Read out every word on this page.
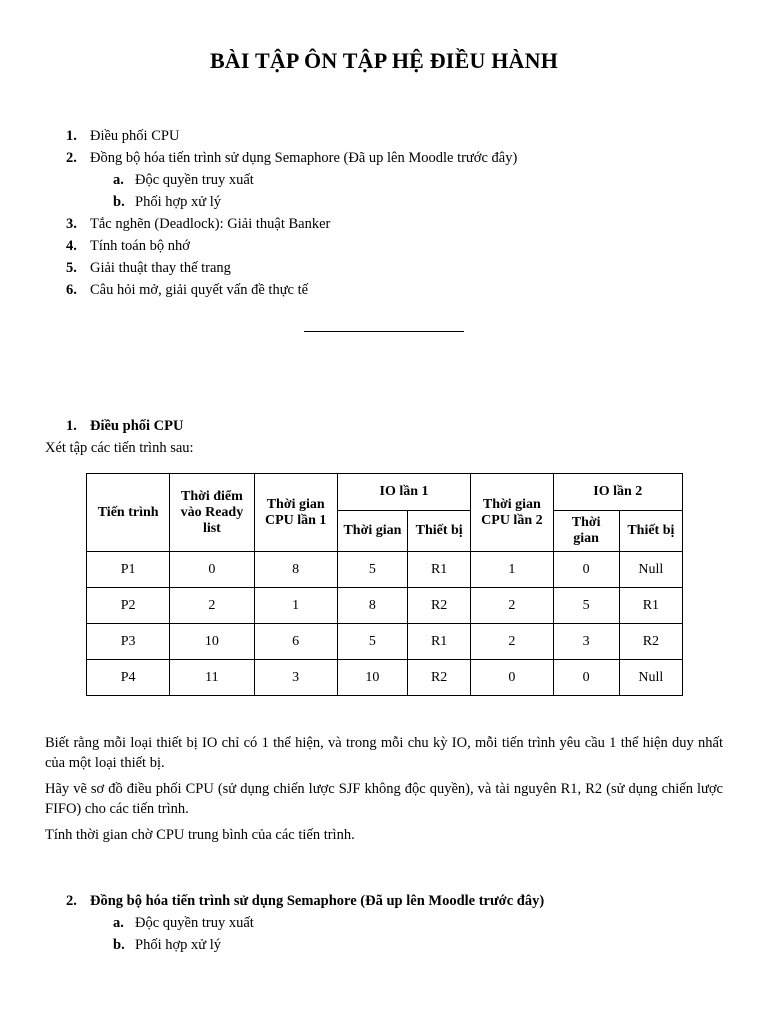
BÀI TẬP ÔN TẬP HỆ ĐIỀU HÀNH
1. Điều phối CPU
2. Đồng bộ hóa tiến trình sử dụng Semaphore (Đã up lên Moodle trước đây)
a. Độc quyền truy xuất
b. Phối hợp xử lý
3. Tắc nghẽn (Deadlock): Giải thuật Banker
4. Tính toán bộ nhớ
5. Giải thuật thay thế trang
6. Câu hỏi mở, giải quyết vấn đề thực tế
1. Điều phối CPU
Xét tập các tiến trình sau:
Tiến trình	Thời điểm vào Ready list	Thời gian CPU lần 1	IO lần 1		Thời gian CPU lần 2	IO lần 2	
			Thời gian	Thiết bị		Thời gian	Thiết bị
P1	0	8	5	R1	1	0	Null
P2	2	1	8	R2	2	5	R1
P3	10	6	5	R1	2	3	R2
P4	11	3	10	R2	0	0	Null
Biết rằng mỗi loại thiết bị IO chỉ có 1 thể hiện, và trong mỗi chu kỳ IO, mỗi tiến trình yêu cầu 1 thể hiện duy nhất của một loại thiết bị.
Hãy vẽ sơ đồ điều phối CPU (sử dụng chiến lược SJF không độc quyền), và tài nguyên R1, R2 (sử dụng chiến lược FIFO) cho các tiến trình.
Tính thời gian chờ CPU trung bình của các tiến trình.
2. Đồng bộ hóa tiến trình sử dụng Semaphore (Đã up lên Moodle trước đây)
a. Độc quyền truy xuất
b. Phối hợp xử lý
